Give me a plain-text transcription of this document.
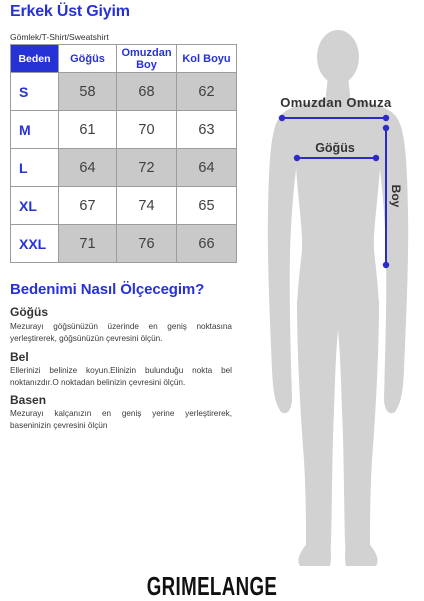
Erkek Üst Giyim
Gömlek/T-Shirt/Sweatshirt
Beden	Göğüs	Omuzdan Boy	Kol Boyu
S	58	68	62
M	61	70	63
L	64	72	64
XL	67	74	65
XXL	71	76	66
Bedenimi Nasıl Ölçecegim?
Göğüs
Mezurayı göğsünüzün üzerinde en geniş noktasına yerleştirerek, göğsünüzün çevresini ölçün.
Bel
Ellerinizi belinize koyun.Elinizin bulunduğu nokta bel noktanızdır.O noktadan belinizin çevresini ölçün.
Basen
Mezurayı kalçanızın en geniş yerine yerleştirerek, baseninizin çevresini ölçün
Omuzdan Omuza
Göğüs
Boy
GRIMELANGE
